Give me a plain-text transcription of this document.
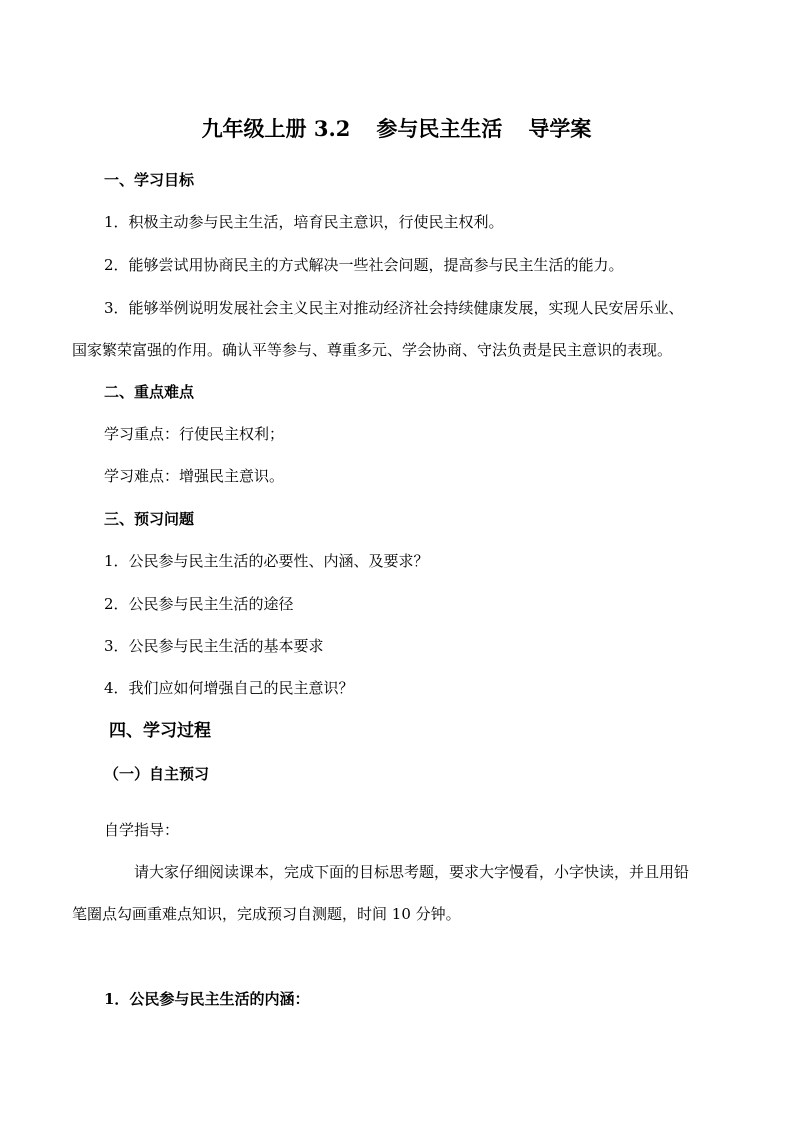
九年级上册 3.2 参与民主生活 导学案
一、学习目标
1．积极主动参与民主生活，培育民主意识，行使民主权利。
2．能够尝试用协商民主的方式解决一些社会问题，提高参与民主生活的能力。
3．能够举例说明发展社会主义民主对推动经济社会持续健康发展，实现人民安居乐业、
国家繁荣富强的作用。确认平等参与、尊重多元、学会协商、守法负责是民主意识的表现。
二、重点难点
学习重点：行使民主权利；
学习难点：增强民主意识。
三、预习问题
1．公民参与民主生活的必要性、内涵、及要求？
2．公民参与民主生活的途径
3．公民参与民主生活的基本要求
4．我们应如何增强自己的民主意识？
四、学习过程
（一）自主预习
自学指导：
请大家仔细阅读课本，完成下面的目标思考题，要求大字慢看，小字快读，并且用铅
笔圈点勾画重难点知识，完成预习自测题，时间 10 分钟。
1．公民参与民主生活的内涵：
